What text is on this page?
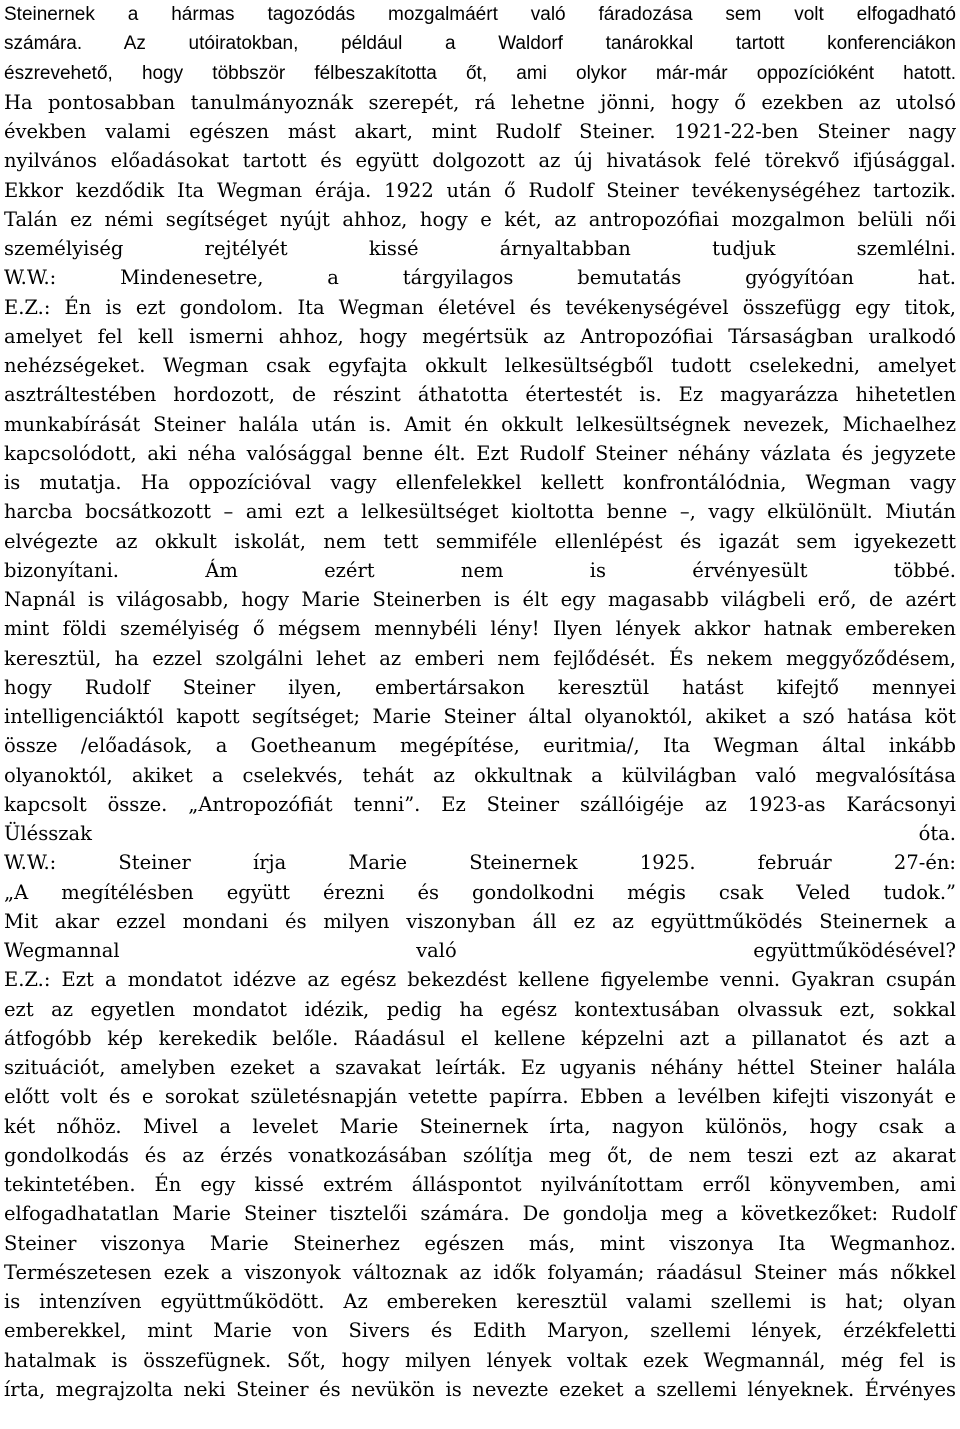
Steinernek a hármas tagozódás mozgalmáért való fáradozása sem volt elfogadható
számára. Az utóiratokban, például a Waldorf tanárokkal tartott konferenciákon
észrevehető, hogy többször félbeszakította őt, ami olykor már-már oppozícióként hatott.
Ha pontosabban tanulmányoznák szerepét, rá lehetne jönni, hogy ő ezekben az utolsó
években valami egészen mást akart, mint Rudolf Steiner. 1921-22-ben Steiner nagy
nyilvános előadásokat tartott és együtt dolgozott az új hivatások felé törekvő ifjúsággal.
Ekkor kezdődik Ita Wegman érája. 1922 után ő Rudolf Steiner tevékenységéhez tartozik.
Talán ez némi segítséget nyújt ahhoz, hogy e két, az antropozófiai mozgalmon belüli női
személyiség rejtélyét kissé árnyaltabban tudjuk szemlélni.
W.W.: Mindenesetre, a tárgyilagos bemutatás gyógyítóan hat.
E.Z.: Én is ezt gondolom. Ita Wegman életével és tevékenységével összefügg egy titok,
amelyet fel kell ismerni ahhoz, hogy megértsük az Antropozófiai Társaságban uralkodó
nehézségeket. Wegman csak egyfajta okkult lelkesültségből tudott cselekedni, amelyet
asztráltestében hordozott, de részint áthatotta étertestét is. Ez magyarázza hihetetlen
munkabírását Steiner halála után is. Amit én okkult lelkesültségnek nevezek, Michaelhez
kapcsolódott, aki néha valósággal benne élt. Ezt Rudolf Steiner néhány vázlata és jegyzete
is mutatja. Ha oppozícióval vagy ellenfelekkel kellett konfrontálódnia, Wegman vagy
harcba bocsátkozott – ami ezt a lelkesültséget kioltotta benne –, vagy elkülönült. Miután
elvégezte az okkult iskolát, nem tett semmiféle ellenlépést és igazát sem igyekezett
bizonyítani. Ám ezért nem is érvényesült többé.
Napnál is világosabb, hogy Marie Steinerben is élt egy magasabb világbeli erő, de azért
mint földi személyiség ő mégsem mennybéli lény! Ilyen lények akkor hatnak embereken
keresztül, ha ezzel szolgálni lehet az emberi nem fejlődését. És nekem meggyőződésem,
hogy Rudolf Steiner ilyen, embertársakon keresztül hatást kifejtő mennyei
intelligenciáktól kapott segítséget; Marie Steiner által olyanoktól, akiket a szó hatása köt
össze /előadások, a Goetheanum megépítése, euritmia/, Ita Wegman által inkább
olyanoktól, akiket a cselekvés, tehát az okkultnak a külvilágban való megvalósítása
kapcsolt össze. „Antropozófiát tenni”. Ez Steiner szállóigéje az 1923-as Karácsonyi
Ülésszak óta.
W.W.: Steiner írja Marie Steinernek 1925. február 27-én:
„A megítélésben együtt érezni és gondolkodni mégis csak Veled tudok.”
Mit akar ezzel mondani és milyen viszonyban áll ez az együttműködés Steinernek a
Wegmannal való együttműködésével?
E.Z.: Ezt a mondatot idézve az egész bekezdést kellene figyelembe venni. Gyakran csupán
ezt az egyetlen mondatot idézik, pedig ha egész kontextusában olvassuk ezt, sokkal
átfogóbb kép kerekedik belőle. Ráadásul el kellene képzelni azt a pillanatot és azt a
szituációt, amelyben ezeket a szavakat leírták. Ez ugyanis néhány héttel Steiner halála
előtt volt és e sorokat születésnapján vetette papírra. Ebben a levélben kifejti viszonyát e
két nőhöz. Mivel a levelet Marie Steinernek írta, nagyon különös, hogy csak a
gondolkodás és az érzés vonatkozásában szólítja meg őt, de nem teszi ezt az akarat
tekintetében. Én egy kissé extrém álláspontot nyilvánítottam erről könyvemben, ami
elfogadhatatlan Marie Steiner tisztelői számára. De gondolja meg a következőket: Rudolf
Steiner viszonya Marie Steinerhez egészen más, mint viszonya Ita Wegmanhoz.
Természetesen ezek a viszonyok változnak az idők folyamán; ráadásul Steiner más nőkkel
is intenzíven együttműködött. Az embereken keresztül valami szellemi is hat; olyan
emberekkel, mint Marie von Sivers és Edith Maryon, szellemi lények, érzékfeletti
hatalmak is összefügnek. Sőt, hogy milyen lények voltak ezek Wegmannál, még fel is
írta, megrajzolta neki Steiner és nevükön is nevezte ezeket a szellemi lényeknek. Érvényes
